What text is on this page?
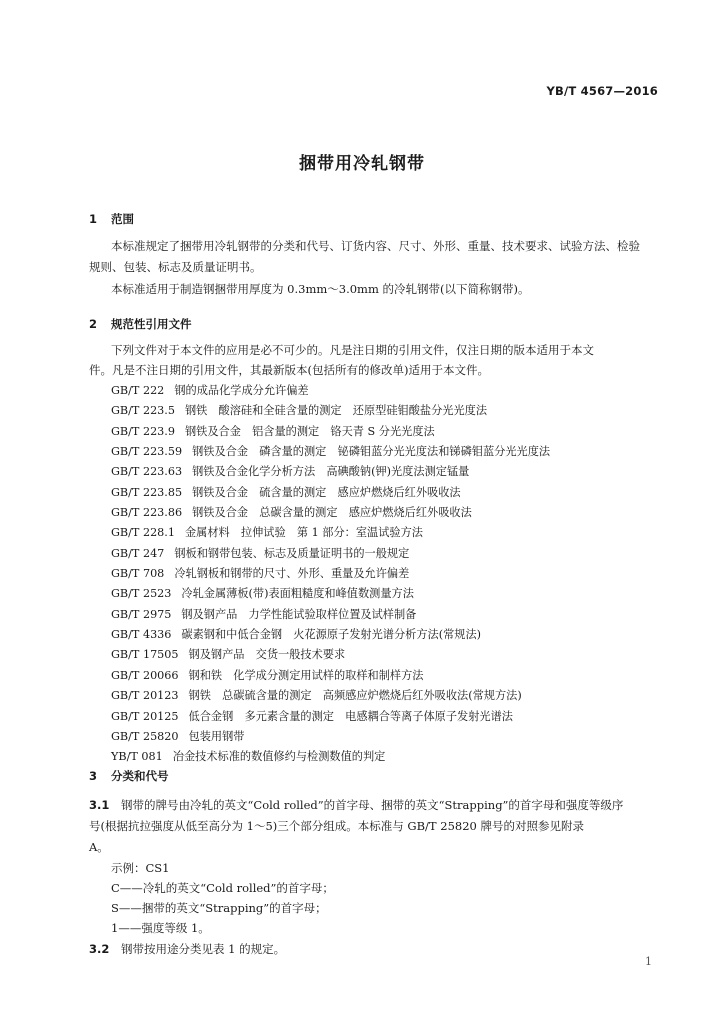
YB/T 4567—2016
捆带用冷轧钢带
1 范围
本标准规定了捆带用冷轧钢带的分类和代号、订货内容、尺寸、外形、重量、技术要求、试验方法、检验
规则、包装、标志及质量证明书。
本标准适用于制造钢捆带用厚度为 0.3mm～3.0mm 的冷轧钢带(以下简称钢带)。
2 规范性引用文件
下列文件对于本文件的应用是必不可少的。凡是注日期的引用文件，仅注日期的版本适用于本文
件。凡是不注日期的引用文件，其最新版本(包括所有的修改单)适用于本文件。
GB/T 222 钢的成品化学成分允许偏差
GB/T 223.5 钢铁　酸溶硅和全硅含量的测定　还原型硅钼酸盐分光光度法
GB/T 223.9 钢铁及合金　铝含量的测定　铬天青 S 分光光度法
GB/T 223.59 钢铁及合金　磷含量的测定　铋磷钼蓝分光光度法和锑磷钼蓝分光光度法
GB/T 223.63 钢铁及合金化学分析方法　高碘酸钠(钾)光度法测定锰量
GB/T 223.85 钢铁及合金　硫含量的测定　感应炉燃烧后红外吸收法
GB/T 223.86 钢铁及合金　总碳含量的测定　感应炉燃烧后红外吸收法
GB/T 228.1 金属材料　拉伸试验　第 1 部分：室温试验方法
GB/T 247 钢板和钢带包装、标志及质量证明书的一般规定
GB/T 708 冷轧钢板和钢带的尺寸、外形、重量及允许偏差
GB/T 2523 冷轧金属薄板(带)表面粗糙度和峰值数测量方法
GB/T 2975 钢及钢产品　力学性能试验取样位置及试样制备
GB/T 4336 碳素钢和中低合金钢　火花源原子发射光谱分析方法(常规法)
GB/T 17505 钢及钢产品　交货一般技术要求
GB/T 20066 钢和铁　化学成分测定用试样的取样和制样方法
GB/T 20123 钢铁　总碳硫含量的测定　高频感应炉燃烧后红外吸收法(常规方法)
GB/T 20125 低合金钢　多元素含量的测定　电感耦合等离子体原子发射光谱法
GB/T 25820 包装用钢带
YB/T 081 冶金技术标准的数值修约与检测数值的判定
3 分类和代号
3.1 钢带的牌号由冷轧的英文“Cold rolled”的首字母、捆带的英文“Strapping”的首字母和强度等级序
号(根据抗拉强度从低至高分为 1～5)三个部分组成。本标准与 GB/T 25820 牌号的对照参见附录
A。
示例：CS1
C——冷轧的英文“Cold rolled”的首字母；
S——捆带的英文“Strapping”的首字母；
1——强度等级 1。
3.2 钢带按用途分类见表 1 的规定。
1
